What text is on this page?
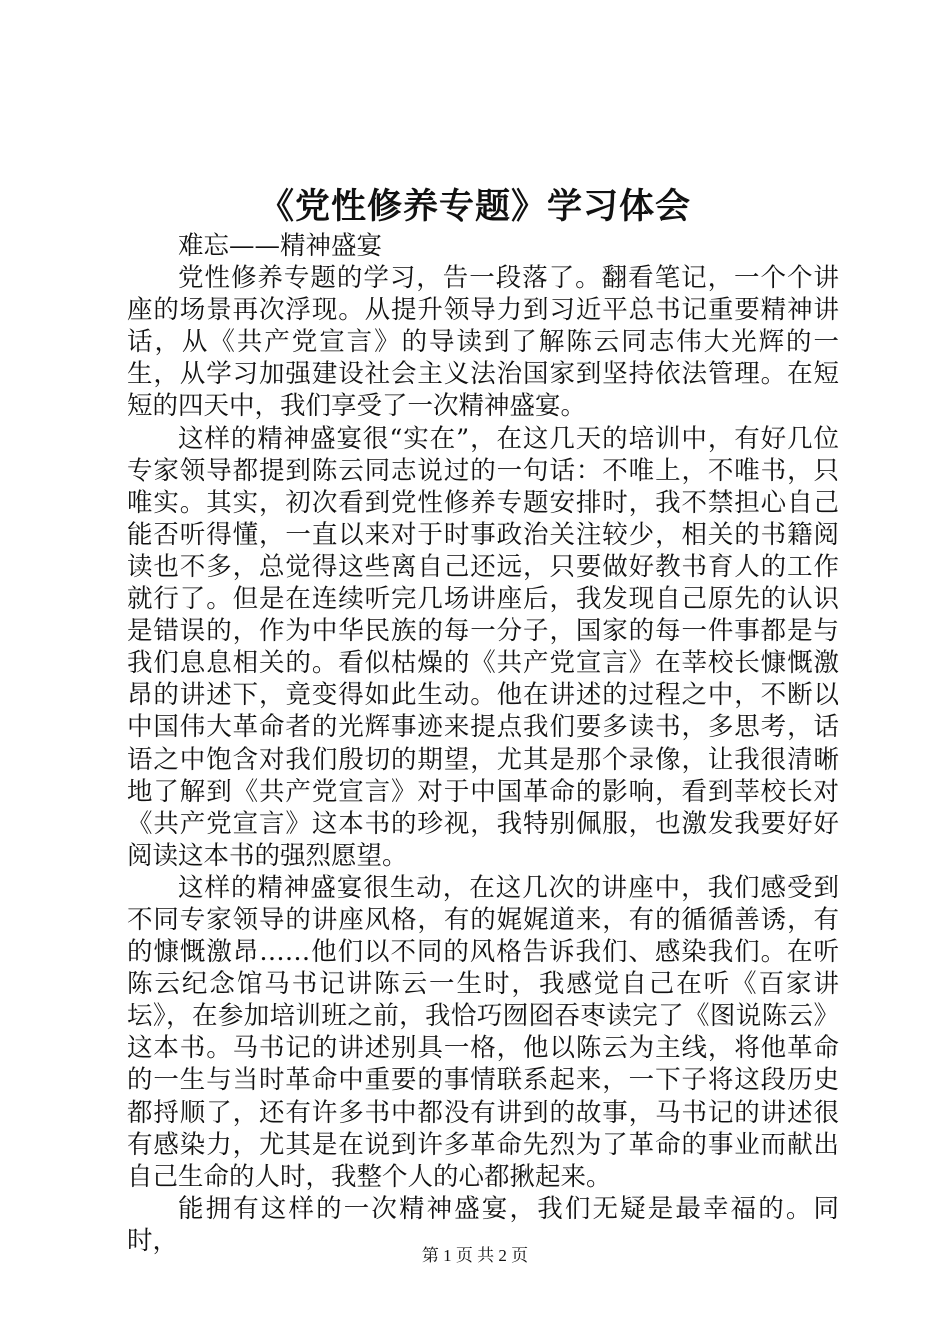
《党性修养专题》学习体会

难忘——精神盛宴

党性修养专题的学习，告一段落了。翻看笔记，一个个讲座的场景再次浮现。从提升领导力到习近平总书记重要精神讲话，从《共产党宣言》的导读到了解陈云同志伟大光辉的一生，从学习加强建设社会主义法治国家到坚持依法管理。在短短的四天中，我们享受了一次精神盛宴。

这样的精神盛宴很“实在”，在这几天的培训中，有好几位专家领导都提到陈云同志说过的一句话：不唯上，不唯书，只唯实。其实，初次看到党性修养专题安排时，我不禁担心自己能否听得懂，一直以来对于时事政治关注较少，相关的书籍阅读也不多，总觉得这些离自己还远，只要做好教书育人的工作就行了。但是在连续听完几场讲座后，我发现自己原先的认识是错误的，作为中华民族的每一分子，国家的每一件事都是与我们息息相关的。看似枯燥的《共产党宣言》在莘校长慷慨激昂的讲述下，竟变得如此生动。他在讲述的过程之中，不断以中国伟大革命者的光辉事迹来提点我们要多读书，多思考，话语之中饱含对我们殷切的期望，尤其是那个录像，让我很清晰地了解到《共产党宣言》对于中国革命的影响，看到莘校长对《共产党宣言》这本书的珍视，我特别佩服，也激发我要好好阅读这本书的强烈愿望。

这样的精神盛宴很生动，在这几次的讲座中，我们感受到不同专家领导的讲座风格，有的娓娓道来，有的循循善诱，有的慷慨激昂……他们以不同的风格告诉我们、感染我们。在听陈云纪念馆马书记讲陈云一生时，我感觉自己在听《百家讲坛》，在参加培训班之前，我恰巧囫囵吞枣读完了《图说陈云》这本书。马书记的讲述别具一格，他以陈云为主线，将他革命的一生与当时革命中重要的事情联系起来，一下子将这段历史都捋顺了，还有许多书中都没有讲到的故事，马书记的讲述很有感染力，尤其是在说到许多革命先烈为了革命的事业而献出自己生命的人时，我整个人的心都揪起来。

能拥有这样的一次精神盛宴，我们无疑是最幸福的。同时，	第 1 页 共 2 页
